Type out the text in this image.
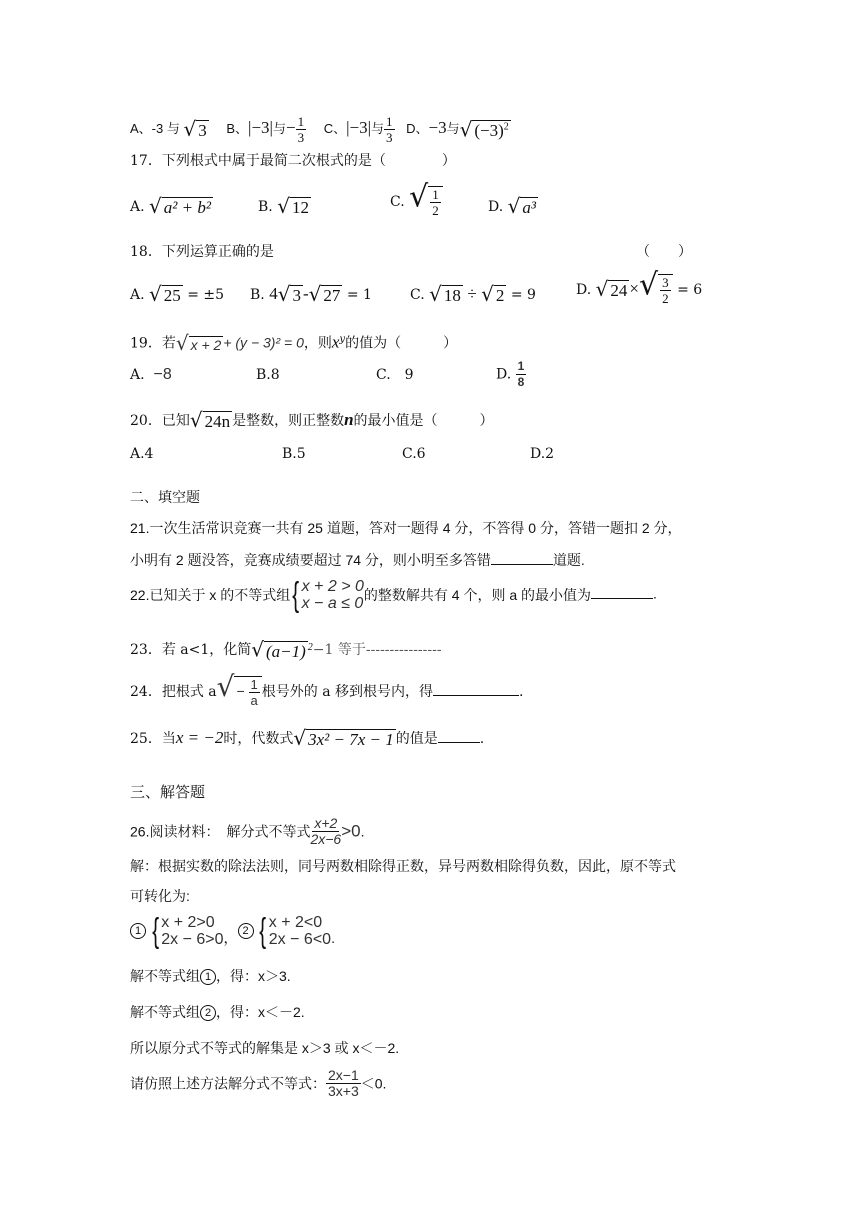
A、-3 与 √ 3 B、|−3|与− $\frac{1}{3}$ C、|−3|与 $\frac{1}{3}$ D、−3与√ $(-3)^2$
17．下列根式中属于最简二次根式的是（　　　　）
A. √ a² + b²	B. √ 12	C. √ $\frac{1}{2}$	D. √ a³
18．下列运算正确的是	（　　）
A. √ 25 = ±5 B. 4√ 3 -√ 27 = 1	C. √ 18 ÷ √ 2 = 9	D. √ 24 ×√ $\frac{3}{2} = 6$
19．若√ x + 2 + (y − 3)² = 0，则$x^y$的值为（　　　）
A. −8	B.8	C.　9	D. $\frac{1}{8}$
20．已知√ 24n 是整数，则正整数n的最小值是（　　　）
A.4	B.5	C.6	D.2
二、填空题
21.一次生活常识竞赛一共有 25 道题，答对一题得 4 分，不答得 0 分，答错一题扣 2 分，
小明有 2 题没答，竞赛成绩要超过 74 分，则小明至多答错	道题.
22.已知关于 x 的不等式组 { x + 2 > 0
x − a ≤ 0 的整数解共有 4 个，则 a 的最小值为	.
23．若 a<1，化简√ (a−1) $^2$−1 等于----------------
24．把根式 $a√ - \frac{1}{a}$ 根号外的 a 移到根号内，得	.
25．当x = −2时，代数式√ 3x² − 7x − 1 的值是	.
三、解答题
26.阅读材料：　解分式不等式 $\frac{x+2}{2x-6} >0$.
解：根据实数的除法法则，同号两数相除得正数，异号两数相除得负数，因此，原不等式
可转化为:
1 { x + 2>0
2x − 6>0 ， 2 { x + 2<0
2x − 6<0 .
解不等式组 1 ，得：x＞3.
解不等式组 2 ，得：x＜－2.
所以原分式不等式的解集是 x＞3 或 x＜－2.
请仿照上述方法解分式不等式： $\frac{2x-1}{3x+3} <0$.
